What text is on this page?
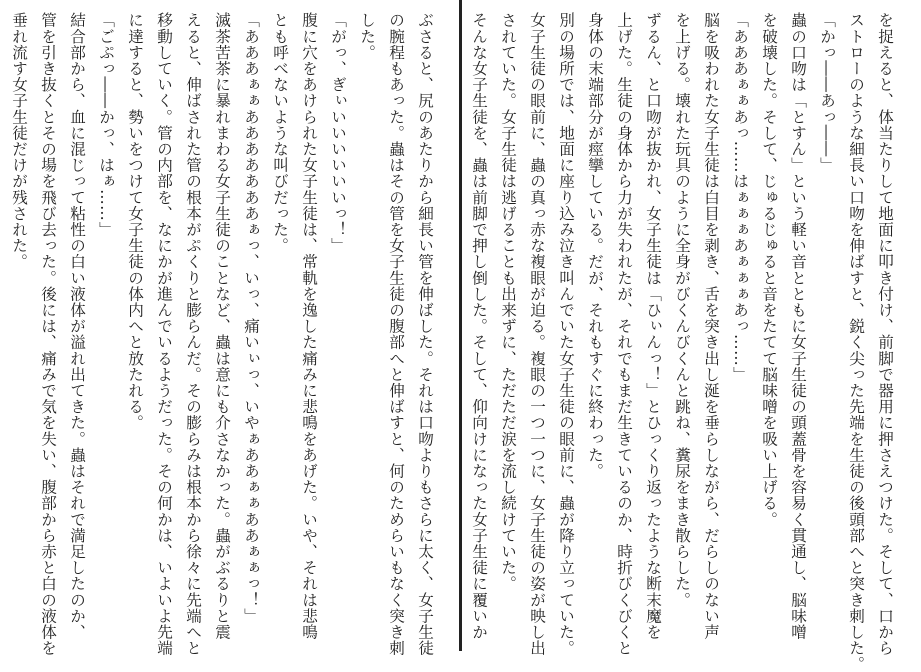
ぶさると、尻のあたりから細長い管を伸ばした。それは口吻よりもさらに太く、女子生徒
の腕程もあった。蟲はその管を女子生徒の腹部へと伸ばすと、何のためらいもなく突き刺
した。
「がっ、ぎぃいいいいいいっ！」
腹に穴をあけられた女子生徒は、常軌を逸した痛みに悲鳴をあげた。いや、それは悲鳴
とも呼べないような叫びだった。
「あああぁぁあああああああぁっ、いっ、痛いぃっ、いやぁああぁぁああぁぁっ！」
滅茶苦茶に暴れまわる女子生徒のことなど、蟲は意にも介さなかった。蟲がぶるりと震
えると、伸ばされた管の根本がぷくりと膨らんだ。その膨らみは根本から徐々に先端へと
移動していく。管の内部を、なにかが進んでいるようだった。その何かは、いよいよ先端
に達すると、勢いをつけて女子生徒の体内へと放たれる。
「ごぷっ――かっ、はぁ……」
結合部から、血に混じって粘性の白い液体が溢れ出てきた。蟲はそれで満足したのか、
管を引き抜くとその場を飛び去った。後には、痛みで気を失い、腹部から赤と白の液体を
垂れ流す女子生徒だけが残された。	を捉えると、体当たりして地面に叩き付け、前脚で器用に押さえつけた。そして、口から
ストローのような細長い口吻を伸ばすと、鋭く尖った先端を生徒の後頭部へと突き刺した。
「かっ――あっ――」
蟲の口吻は「とすん」という軽い音とともに女子生徒の頭蓋骨を容易く貫通し、脳味噌
を破壊した。そして、じゅるじゅると音をたてて脳味噌を吸い上げる。
「あああぁぁあっ……はぁぁぁあぁぁぁあっ……」
脳を吸われた女子生徒は白目を剥き、舌を突き出し涎を垂らしながら、だらしのない声
を上げる。壊れた玩具のように全身がびくんびくんと跳ね、糞尿をまき散らした。
ずるん、と口吻が抜かれ、女子生徒は「ひぃんっ！」とひっくり返ったような断末魔を
上げた。生徒の身体から力が失われたが、それでもまだ生きているのか、時折びくびくと
身体の末端部分が痙攣している。だが、それもすぐに終わった。
別の場所では、地面に座り込み泣き叫んでいた女子生徒の眼前に、蟲が降り立っていた。
女子生徒の眼前に、蟲の真っ赤な複眼が迫る。複眼の一つ一つに、女子生徒の姿が映し出
されていた。女子生徒は逃げることも出来ずに、ただただ涙を流し続けていた。
そんな女子生徒を、蟲は前脚で押し倒した。そして、仰向けになった女子生徒に覆いか
